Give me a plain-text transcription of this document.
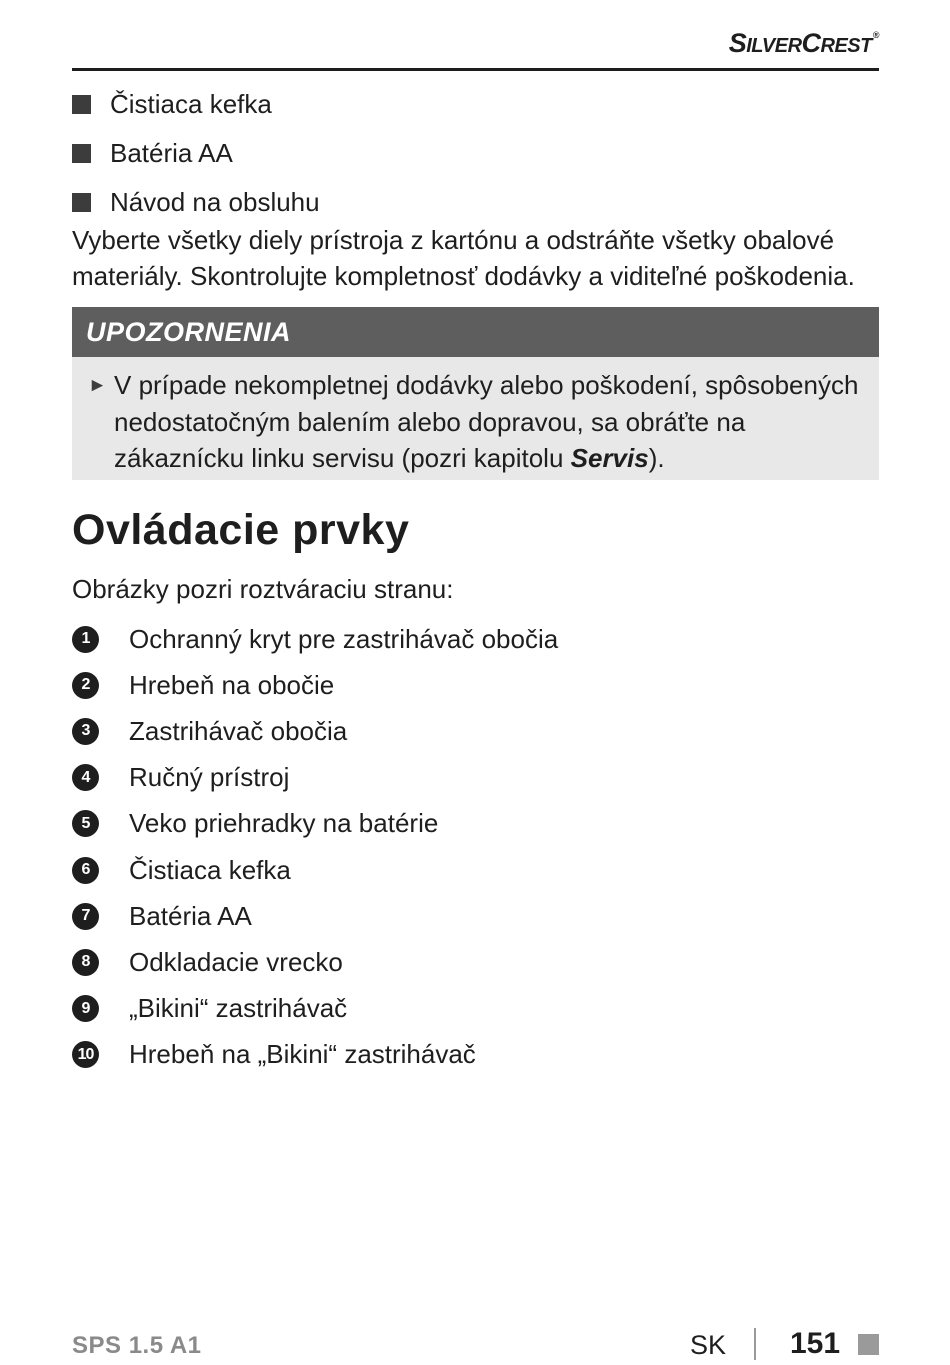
SILVERCREST®
Čistiaca kefka
Batéria AA
Návod na obsluhu
Vyberte všetky diely prístroja z kartónu a odstráňte všetky obalové materiály. Skontrolujte kompletnosť dodávky a viditeľné poškodenia.
UPOZORNENIA
► V prípade nekompletnej dodávky alebo poškodení, spôsobených nedostatočným balením alebo dopravou, sa obráťte na zákaznícku linku servisu (pozri kapitolu Servis).
Ovládacie prvky
Obrázky pozri roztváraciu stranu:
1	Ochranný kryt pre zastrihávač obočia
2	Hrebeň na obočie
3	Zastrihávač obočia
4	Ručný prístroj
5	Veko priehradky na batérie
6	Čistiaca kefka
7	Batéria AA
8	Odkladacie vrecko
9	„Bikini“ zastrihávač
10 Hrebeň na „Bikini“ zastrihávač
SPS 1.5 A1	SK 151
